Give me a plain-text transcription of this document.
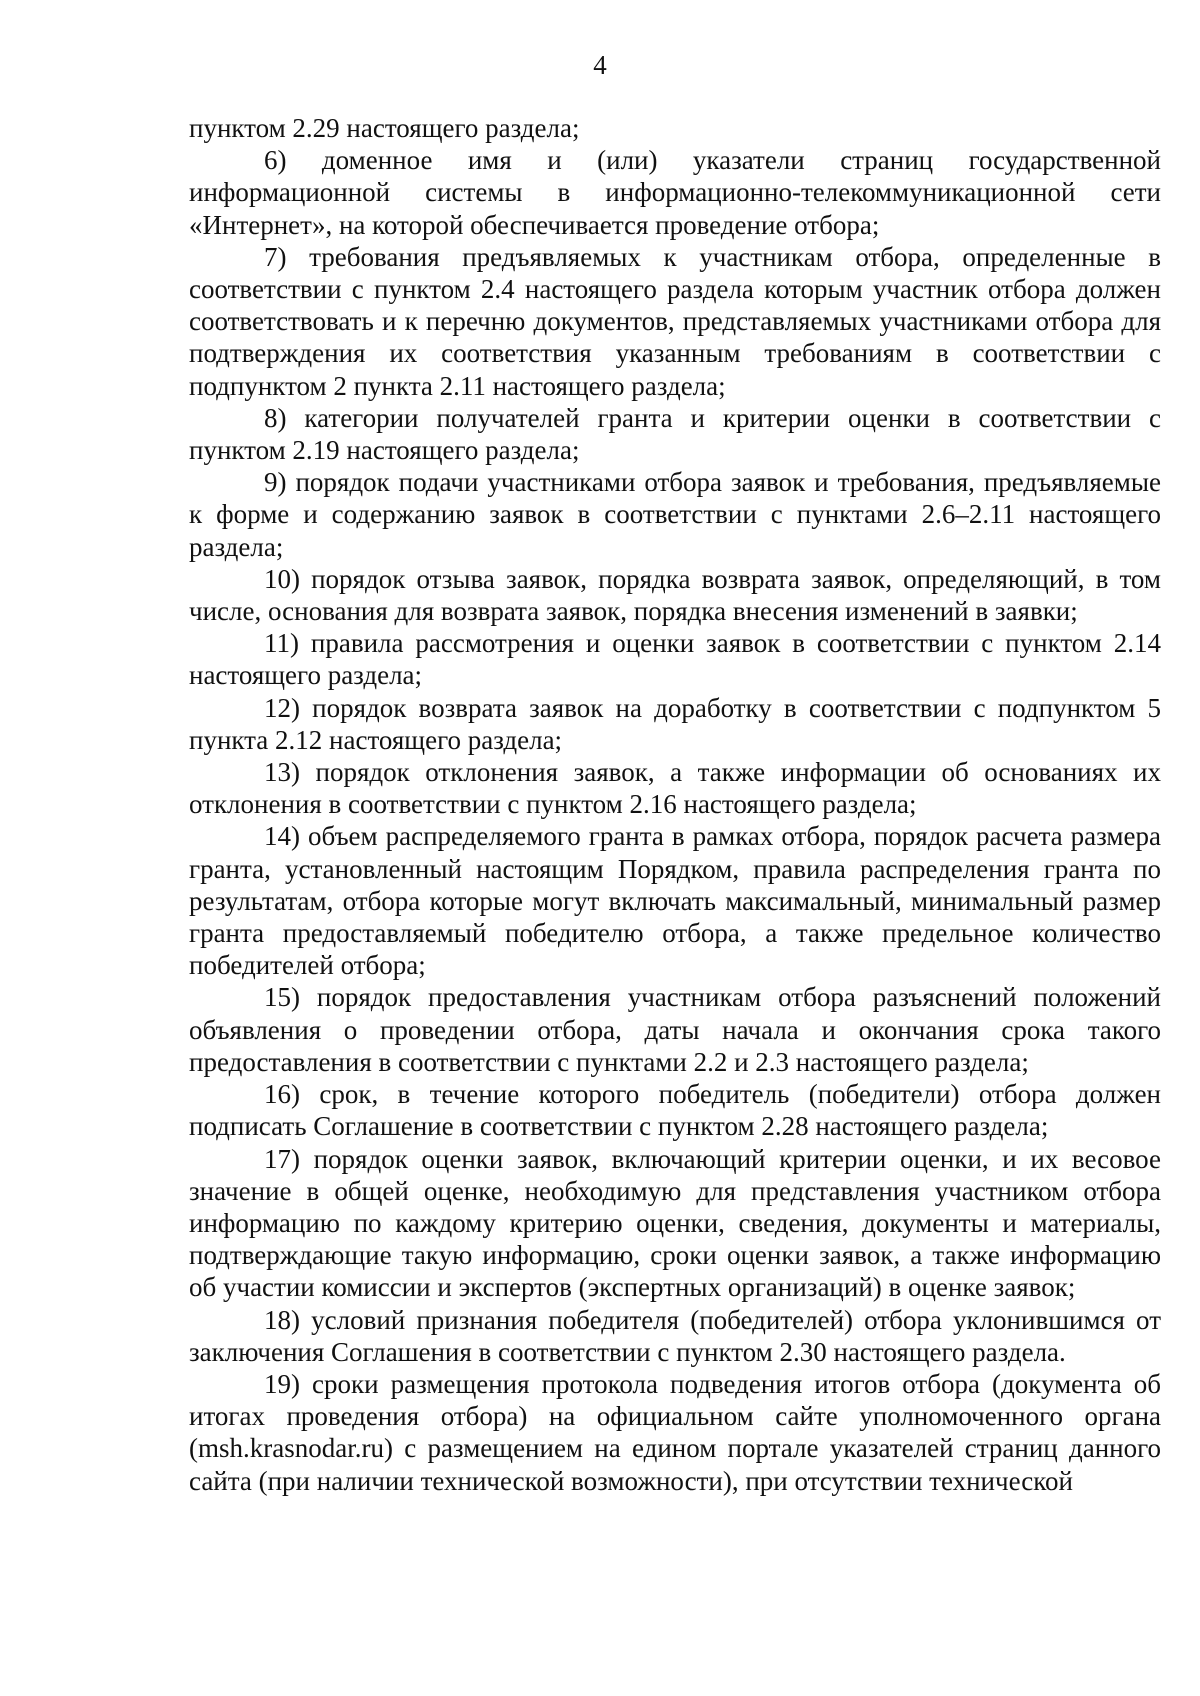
4

пунктом 2.29 настоящего раздела;

6) доменное имя и (или) указатели страниц государственной информационной системы в информационно-телекоммуникационной сети «Интернет», на которой обеспечивается проведение отбора;

7) требования предъявляемых к участникам отбора, определенные в соответствии с пунктом 2.4 настоящего раздела которым участник отбора должен соответствовать и к перечню документов, представляемых участниками отбора для подтверждения их соответствия указанным требованиям в соответствии с подпунктом 2 пункта 2.11 настоящего раздела;

8) категории получателей гранта и критерии оценки в соответствии с пунктом 2.19 настоящего раздела;

9) порядок подачи участниками отбора заявок и требования, предъявляемые к форме и содержанию заявок в соответствии с пунктами 2.6–2.11 настоящего раздела;

10) порядок отзыва заявок, порядка возврата заявок, определяющий, в том числе, основания для возврата заявок, порядка внесения изменений в заявки;

11) правила рассмотрения и оценки заявок в соответствии с пунктом 2.14 настоящего раздела;

12) порядок возврата заявок на доработку в соответствии с подпунктом 5 пункта 2.12 настоящего раздела;

13) порядок отклонения заявок, а также информации об основаниях их отклонения в соответствии с пунктом 2.16 настоящего раздела;

14) объем распределяемого гранта в рамках отбора, порядок расчета размера гранта, установленный настоящим Порядком, правила распределения гранта по результатам, отбора которые могут включать максимальный, минимальный размер гранта предоставляемый победителю отбора, а также предельное количество победителей отбора;

15) порядок предоставления участникам отбора разъяснений положений объявления о проведении отбора, даты начала и окончания срока такого предоставления в соответствии с пунктами 2.2 и 2.3 настоящего раздела;

16) срок, в течение которого победитель (победители) отбора должен подписать Соглашение в соответствии с пунктом 2.28 настоящего раздела;

17) порядок оценки заявок, включающий критерии оценки, и их весовое значение в общей оценке, необходимую для представления участником отбора информацию по каждому критерию оценки, сведения, документы и материалы, подтверждающие такую информацию, сроки оценки заявок, а также информацию об участии комиссии и экспертов (экспертных организаций) в оценке заявок;

18) условий признания победителя (победителей) отбора уклонившимся от заключения Соглашения в соответствии с пунктом 2.30 настоящего раздела.

19) сроки размещения протокола подведения итогов отбора (документа об итогах проведения отбора) на официальном сайте уполномоченного органа (msh.krasnodar.ru) с размещением на едином портале указателей страниц данного сайта (при наличии технической возможности), при отсутствии технической
